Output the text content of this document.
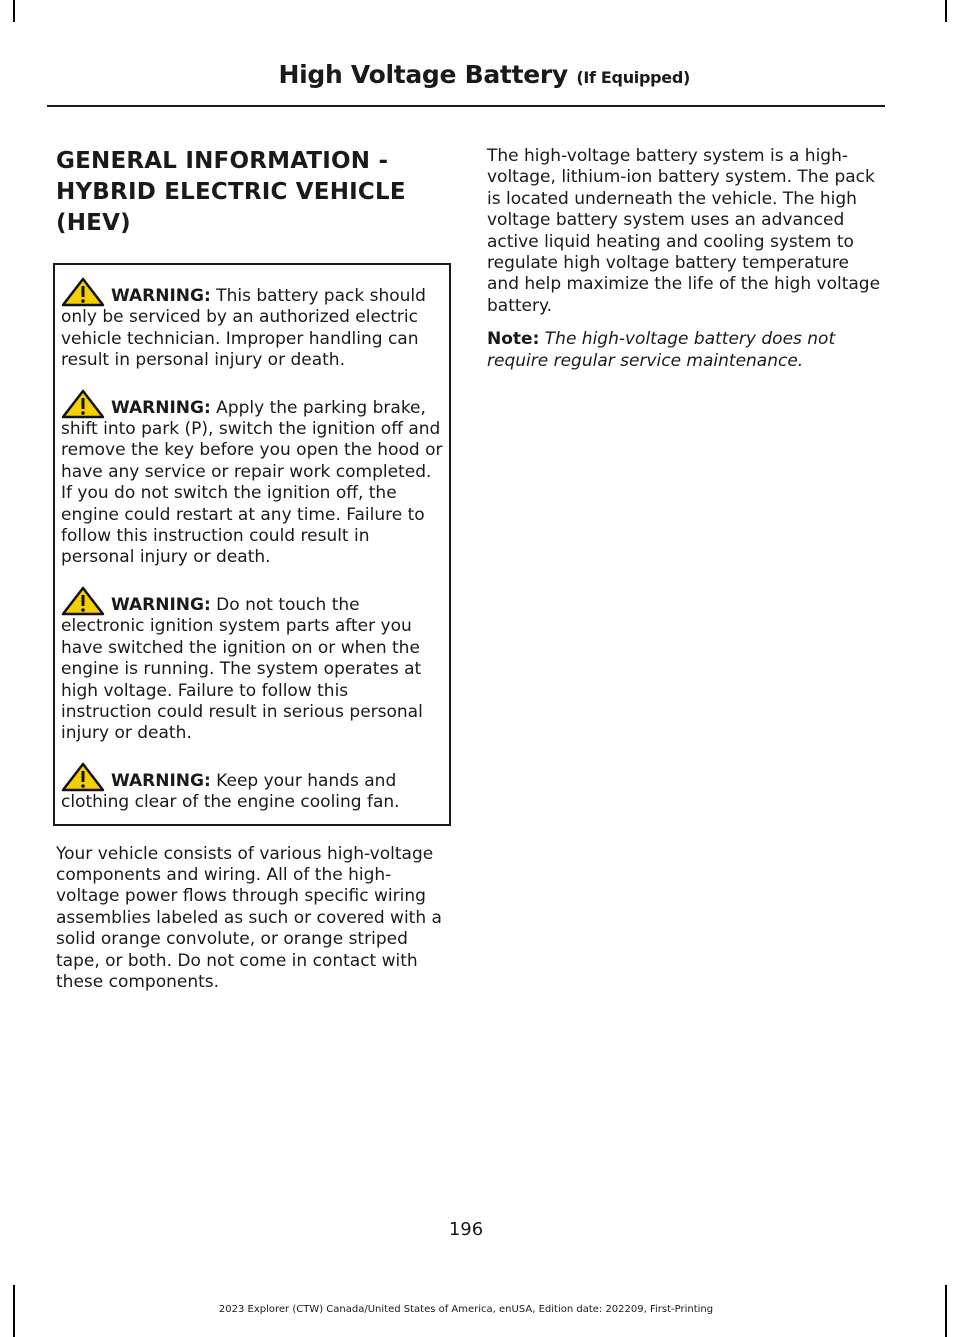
High Voltage Battery (If Equipped)
GENERAL INFORMATION -
HYBRID ELECTRIC VEHICLE
(HEV)

WARNING: This battery pack should only be serviced by an authorized electric vehicle technician. Improper handling can result in personal injury or death.

WARNING: Apply the parking brake, shift into park (P), switch the ignition off and remove the key before you open the hood or have any service or repair work completed. If you do not switch the ignition off, the engine could restart at any time. Failure to follow this instruction could result in personal injury or death.

WARNING: Do not touch the electronic ignition system parts after you have switched the ignition on or when the engine is running. The system operates at high voltage. Failure to follow this instruction could result in serious personal injury or death.

WARNING: Keep your hands and clothing clear of the engine cooling fan.

Your vehicle consists of various high-voltage components and wiring. All of the high-voltage power flows through specific wiring assemblies labeled as such or covered with a solid orange convolute, or orange striped tape, or both. Do not come in contact with these components.

The high-voltage battery system is a high-voltage, lithium-ion battery system. The pack is located underneath the vehicle. The high voltage battery system uses an advanced active liquid heating and cooling system to regulate high voltage battery temperature and help maximize the life of the high voltage battery.

Note: The high-voltage battery does not require regular service maintenance.

196
2023 Explorer (CTW) Canada/United States of America, enUSA, Edition date: 202209, First-Printing
